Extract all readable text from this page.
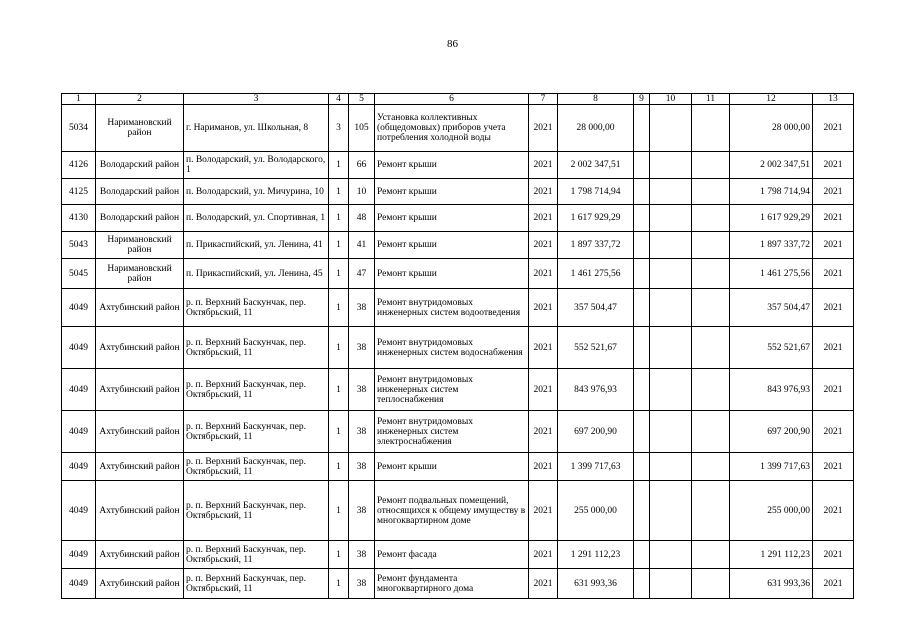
86
1	2	3	4	5	6	7	8	9	10	11	12	13
5034	Наримановский район	г. Нариманов, ул. Школьная, 8	3	105	Установка коллективных (общедомовых) приборов учета потребления холодной воды	2021	28 000,00				28 000,00	2021
4126	Володарский район	п. Володарский, ул. Володарского, 1	1	66	Ремонт крыши	2021	2 002 347,51				2 002 347,51	2021
4125	Володарский район	п. Володарский, ул. Мичурина, 10	1	10	Ремонт крыши	2021	1 798 714,94				1 798 714,94	2021
4130	Володарский район	п. Володарский, ул. Спортивная, 1	1	48	Ремонт крыши	2021	1 617 929,29				1 617 929,29	2021
5043	Наримановский район	п. Прикаспийский, ул. Ленина, 41	1	41	Ремонт крыши	2021	1 897 337,72				1 897 337,72	2021
5045	Наримановский район	п. Прикаспийский, ул. Ленина, 45	1	47	Ремонт крыши	2021	1 461 275,56				1 461 275,56	2021
4049	Ахтубинский район	р. п. Верхний Баскунчак, пер. Октябрьский, 11	1	38	Ремонт внутридомовых инженерных систем водоотведения	2021	357 504,47				357 504,47	2021
4049	Ахтубинский район	р. п. Верхний Баскунчак, пер. Октябрьский, 11	1	38	Ремонт внутридомовых инженерных систем водоснабжения	2021	552 521,67				552 521,67	2021
4049	Ахтубинский район	р. п. Верхний Баскунчак, пер. Октябрьский, 11	1	38	Ремонт внутридомовых инженерных систем теплоснабжения	2021	843 976,93				843 976,93	2021
4049	Ахтубинский район	р. п. Верхний Баскунчак, пер. Октябрьский, 11	1	38	Ремонт внутридомовых инженерных систем электроснабжения	2021	697 200,90				697 200,90	2021
4049	Ахтубинский район	р. п. Верхний Баскунчак, пер. Октябрьский, 11	1	38	Ремонт крыши	2021	1 399 717,63				1 399 717,63	2021
4049	Ахтубинский район	р. п. Верхний Баскунчак, пер. Октябрьский, 11	1	38	Ремонт подвальных помещений, относящихся к общему имуществу в многоквартирном доме	2021	255 000,00				255 000,00	2021
4049	Ахтубинский район	р. п. Верхний Баскунчак, пер. Октябрьский, 11	1	38	Ремонт фасада	2021	1 291 112,23				1 291 112,23	2021
4049	Ахтубинский район	р. п. Верхний Баскунчак, пер. Октябрьский, 11	1	38	Ремонт фундамента многоквартирного дома	2021	631 993,36				631 993,36	2021
